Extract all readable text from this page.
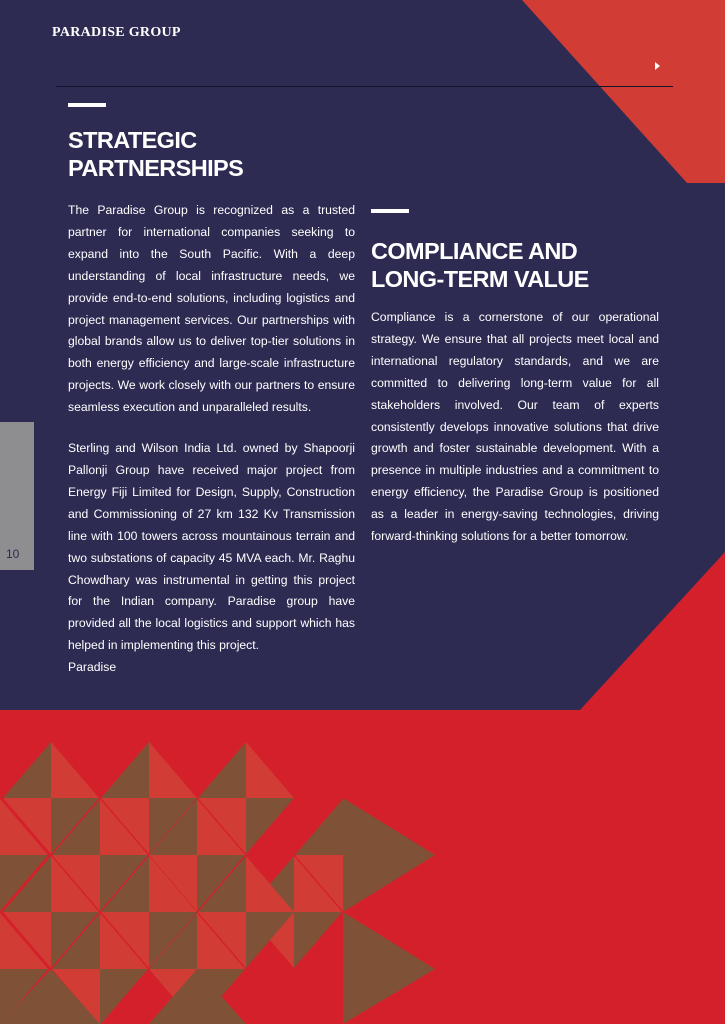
PARADISE GROUP
10
STRATEGIC
PARTNERSHIPS

The Paradise Group is recognized as a trusted partner for international companies seeking to expand into the South Pacific. With a deep understanding of local infrastructure needs, we provide end-to-end solutions, including logistics and project management services. Our partnerships with global brands allow us to deliver top-tier solutions in both energy efficiency and large-scale infrastructure projects. We work closely with our partners to ensure seamless execution and unparalleled results.

Sterling and Wilson India Ltd. owned by Shapoorji Pallonji Group have received major project from Energy Fiji Limited for Design, Supply, Construction and Commissioning of 27 km 132 Kv Transmission line with 100 towers across mountainous terrain and two substations of capacity 45 MVA each. Mr. Raghu Chowdhary was instrumental in getting this project for the Indian company. Paradise group have provided all the local logistics and support which has helped in implementing this project.

Paradise

COMPLIANCE AND
LONG-TERM VALUE

Compliance is a cornerstone of our operational strategy. We ensure that all projects meet local and international regulatory standards, and we are committed to delivering long-term value for all stakeholders involved. Our team of experts consistently develops innovative solutions that drive growth and foster sustainable development. With a presence in multiple industries and a commitment to energy efficiency, the Paradise Group is positioned as a leader in energy-saving technologies, driving forward-thinking solutions for a better tomorrow.
